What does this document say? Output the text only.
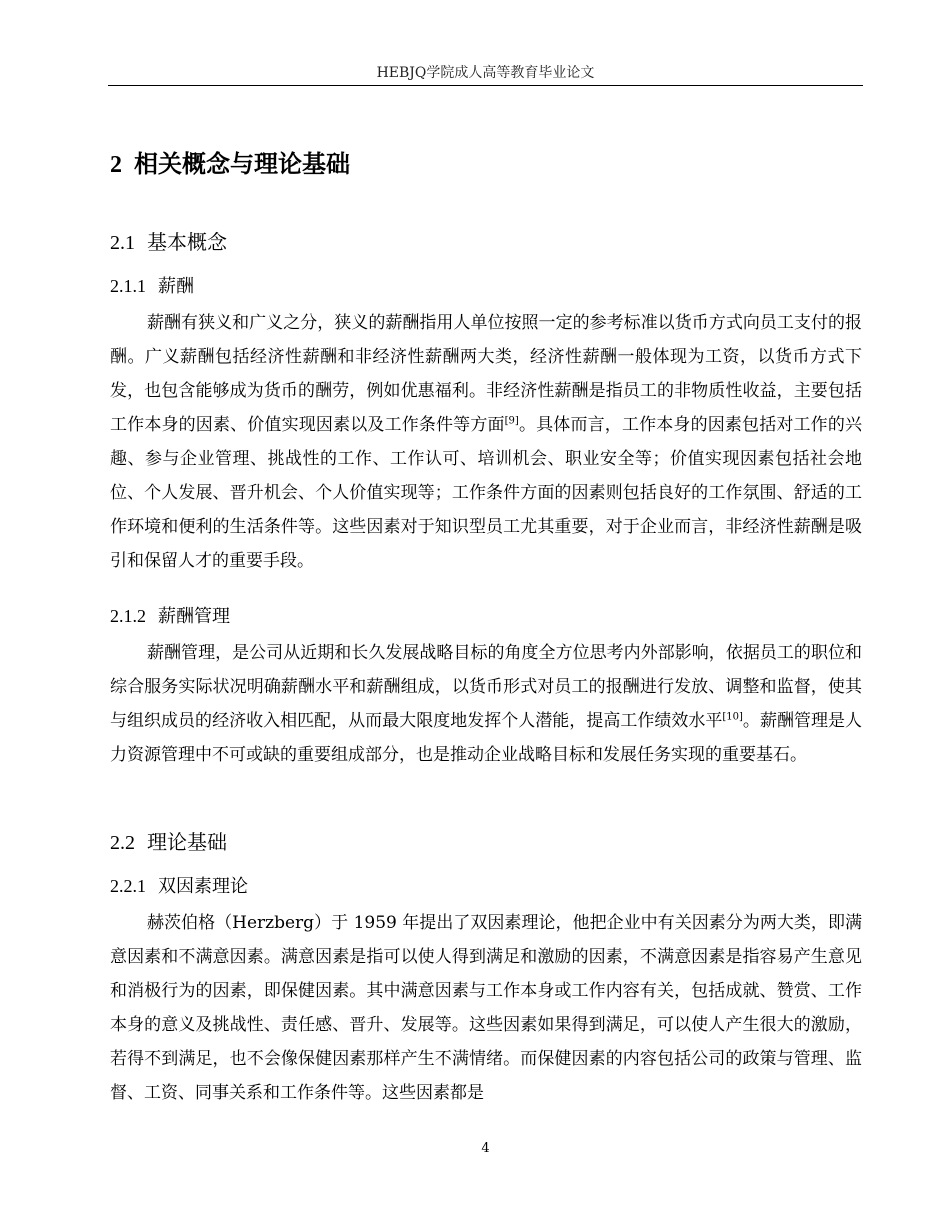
HEBJQ学院成人高等教育毕业论文
2 相关概念与理论基础
2.1 基本概念
2.1.1 薪酬

薪酬有狭义和广义之分，狭义的薪酬指用人单位按照一定的参考标准以货币方式向员工支付的报酬。广义薪酬包括经济性薪酬和非经济性薪酬两大类，经济性薪酬一般体现为工资，以货币方式下发，也包含能够成为货币的酬劳，例如优惠福利。非经济性薪酬是指员工的非物质性收益，主要包括工作本身的因素、价值实现因素以及工作条件等方面[9]。具体而言，工作本身的因素包括对工作的兴趣、参与企业管理、挑战性的工作、工作认可、培训机会、职业安全等；价值实现因素包括社会地位、个人发展、晋升机会、个人价值实现等；工作条件方面的因素则包括良好的工作氛围、舒适的工作环境和便利的生活条件等。这些因素对于知识型员工尤其重要，对于企业而言，非经济性薪酬是吸引和保留人才的重要手段。

2.1.2 薪酬管理

薪酬管理，是公司从近期和长久发展战略目标的角度全方位思考内外部影响，依据员工的职位和综合服务实际状况明确薪酬水平和薪酬组成，以货币形式对员工的报酬进行发放、调整和监督，使其与组织成员的经济收入相匹配，从而最大限度地发挥个人潜能，提高工作绩效水平[10]。薪酬管理是人力资源管理中不可或缺的重要组成部分，也是推动企业战略目标和发展任务实现的重要基石。

2.2 理论基础
2.2.1 双因素理论

赫茨伯格（Herzberg）于 1959 年提出了双因素理论，他把企业中有关因素分为两大类，即满意因素和不满意因素。满意因素是指可以使人得到满足和激励的因素，不满意因素是指容易产生意见和消极行为的因素，即保健因素。其中满意因素与工作本身或工作内容有关，包括成就、赞赏、工作本身的意义及挑战性、责任感、晋升、发展等。这些因素如果得到满足，可以使人产生很大的激励，若得不到满足，也不会像保健因素那样产生不满情绪。而保健因素的内容包括公司的政策与管理、监督、工资、同事关系和工作条件等。这些因素都是

4
